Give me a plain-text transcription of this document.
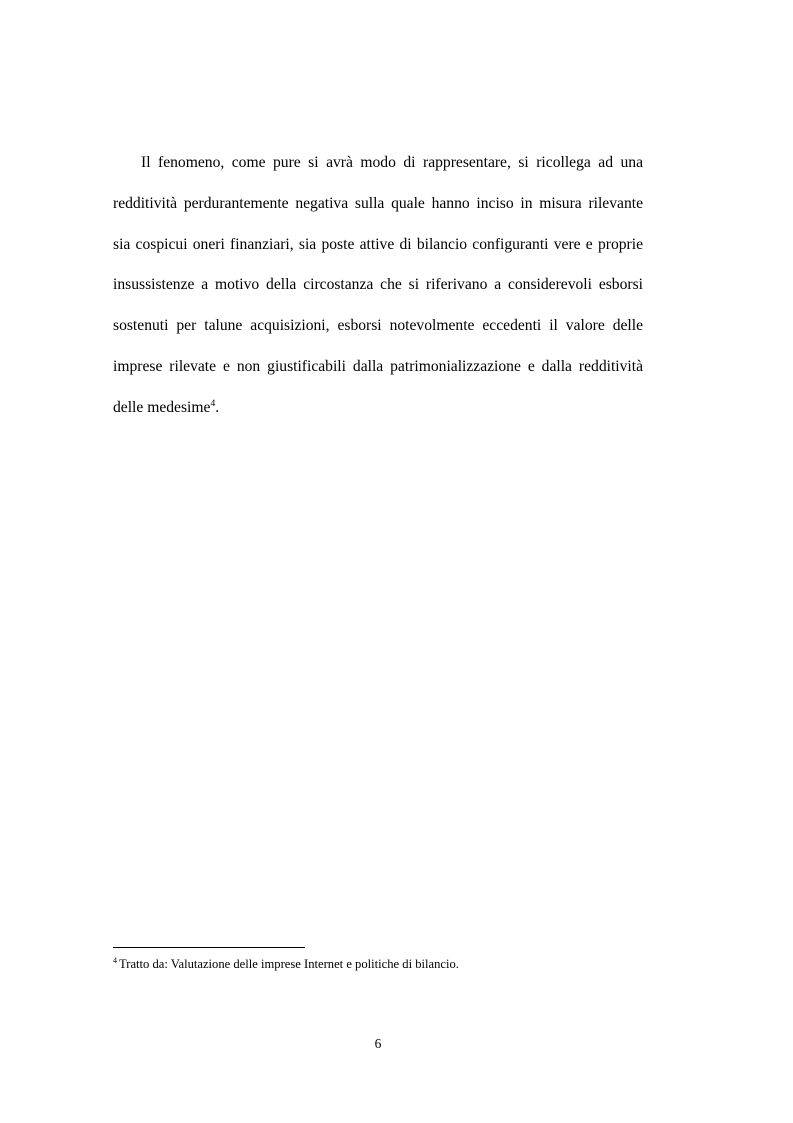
Il fenomeno, come pure si avrà modo di rappresentare, si ricollega ad una
redditività perdurantemente negativa sulla quale hanno inciso in misura rilevante
sia cospicui oneri finanziari, sia poste attive di bilancio configuranti vere e proprie
insussistenze a motivo della circostanza che si riferivano a considerevoli esborsi
sostenuti per talune acquisizioni, esborsi notevolmente eccedenti il valore delle
imprese rilevate e non giustificabili dalla patrimonializzazione e dalla redditività
delle medesime$^4$.
$^4$ Tratto da: Valutazione delle imprese Internet e politiche di bilancio.
6
